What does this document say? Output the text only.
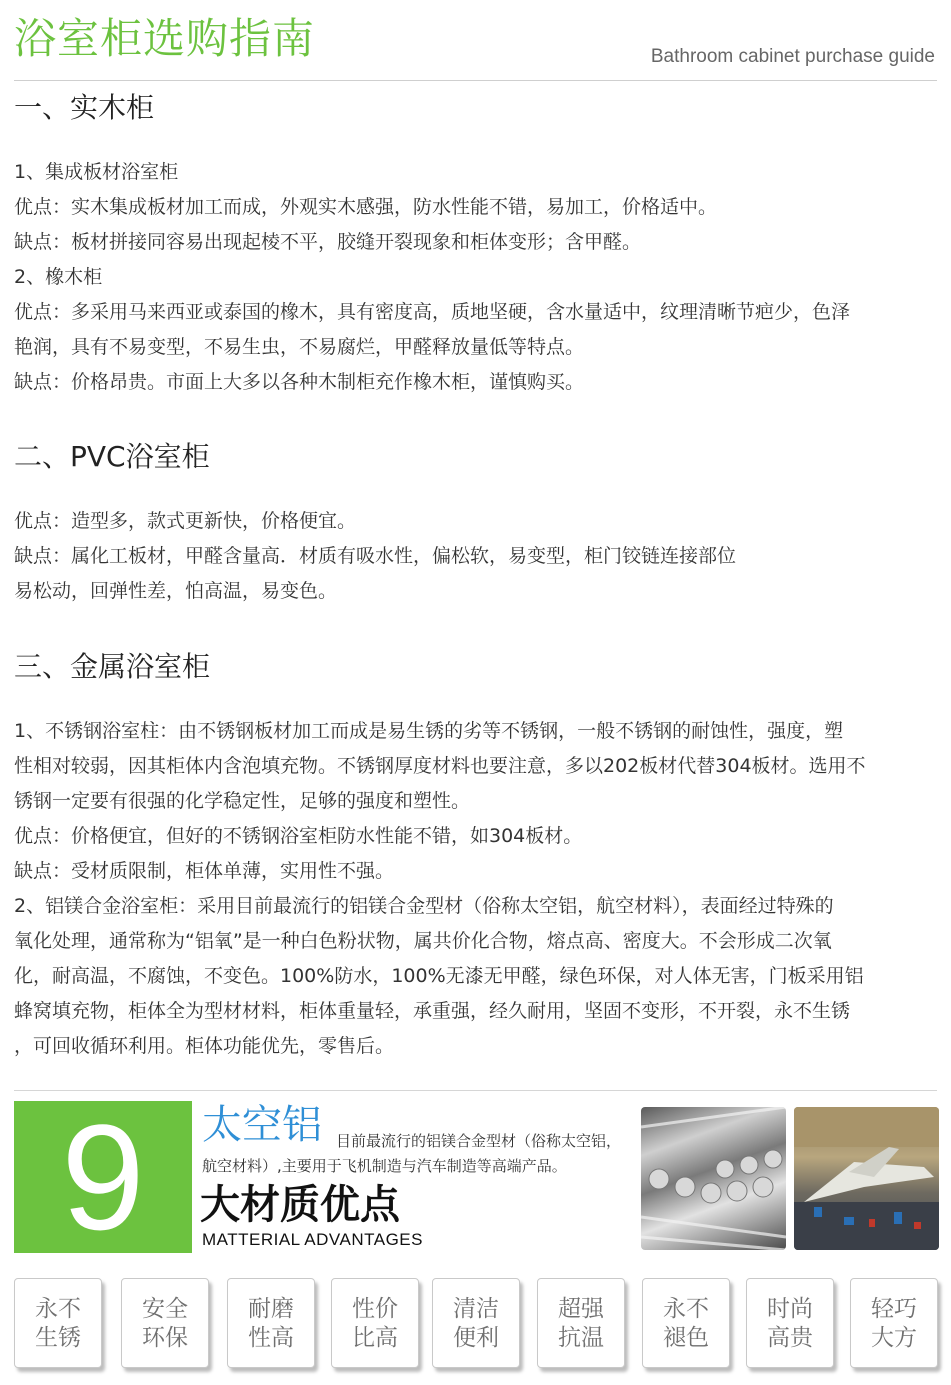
浴室柜选购指南	Bathroom cabinet purchase guide
一、实木柜

1、集成板材浴室柜

优点：实木集成板材加工而成，外观实木感强，防水性能不错，易加工，价格适中。

缺点：板材拼接同容易出现起棱不平，胶缝开裂现象和柜体变形；含甲醛。

2、橡木柜

优点：多采用马来西亚或泰国的橡木，具有密度高，质地坚硬，含水量适中，纹理清晰节疤少，色泽

艳润，具有不易变型，不易生虫，不易腐烂，甲醛释放量低等特点。

缺点：价格昂贵。市面上大多以各种木制柜充作橡木柜，谨慎购买。

二、PVC浴室柜

优点：造型多，款式更新快，价格便宜。

缺点：属化工板材，甲醛含量高．材质有吸水性，偏松软，易变型，柜门铰链连接部位

易松动，回弹性差，怕高温，易变色。

三、金属浴室柜

1、不锈钢浴室柱：由不锈钢板材加工而成是易生锈的劣等不锈钢，一般不锈钢的耐蚀性，强度，塑

性相对较弱，因其柜体内含泡填充物。不锈钢厚度材料也要注意，多以202板材代替304板材。选用不

锈钢一定要有很强的化学稳定性，足够的强度和塑性。

优点：价格便宜，但好的不锈钢浴室柜防水性能不错，如304板材。

缺点：受材质限制，柜体单薄，实用性不强。

2、铝镁合金浴室柜：采用目前最流行的铝镁合金型材（俗称太空铝，航空材料），表面经过特殊的

氧化处理，通常称为“铝氧”是一种白色粉状物，属共价化合物，熔点高、密度大。不会形成二次氧

化，耐高温，不腐蚀，不变色。100%防水，100%无漆无甲醛，绿色环保，对人体无害，门板采用铝

蜂窝填充物，柜体全为型材材料，柜体重量轻，承重强，经久耐用，坚固不变形，不开裂，永不生锈

，可回收循环利用。柜体功能优先，零售后。

9	太空铝 目前最流行的铝镁合金型材（俗称太空铝，
航空材料）,主要用于飞机制造与汽车制造等高端产品。
大材质优点
MATTERIAL ADVANTAGES
永不
生锈
安全
环保
耐磨
性高
性价
比高
清洁
便利
超强
抗温
永不
褪色
时尚
高贵
轻巧
大方
